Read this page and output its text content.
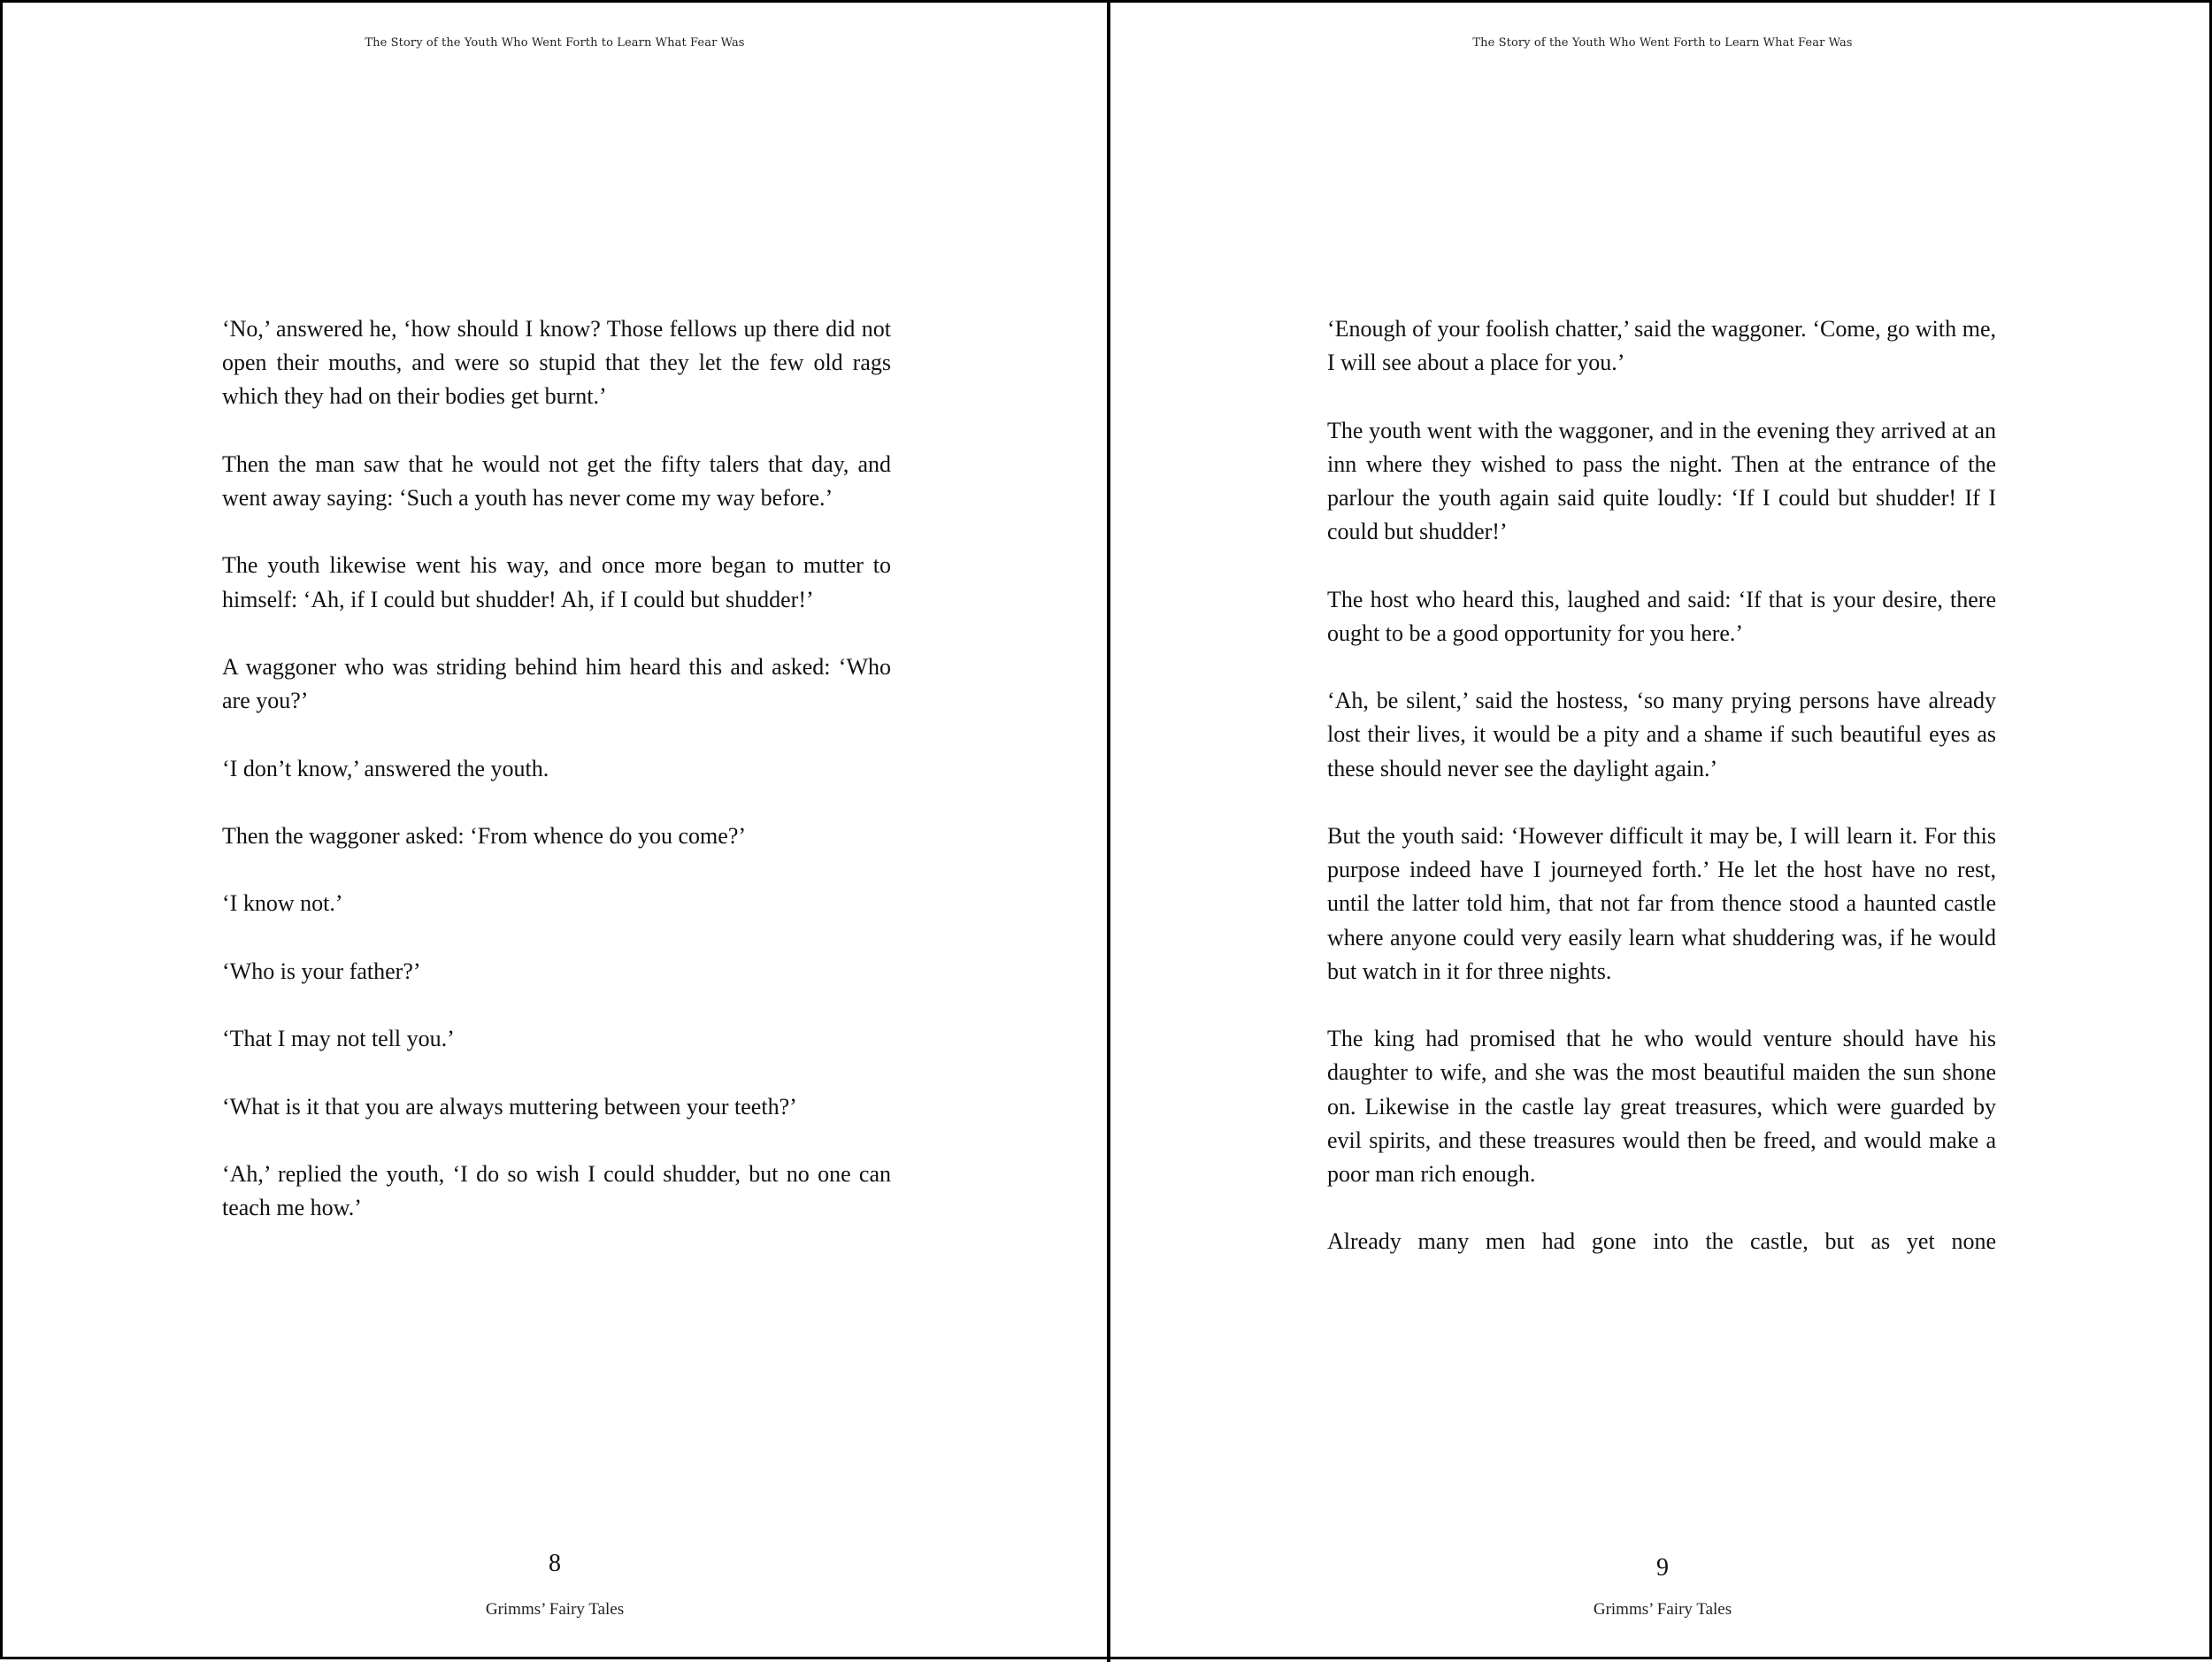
The Story of the Youth Who Went Forth to Learn What Fear Was

‘No,’ answered he, ‘how should I know? Those fellows up there did not open their mouths, and were so stupid that they let the few old rags which they had on their bodies get burnt.’

Then the man saw that he would not get the fifty talers that day, and went away saying: ‘Such a youth has never come my way before.’

The youth likewise went his way, and once more began to mutter to himself: ‘Ah, if I could but shudder! Ah, if I could but shudder!’

A waggoner who was striding behind him heard this and asked: ‘Who are you?’

‘I don’t know,’ answered the youth.

Then the waggoner asked: ‘From whence do you come?’

‘I know not.’

‘Who is your father?’

‘That I may not tell you.’

‘What is it that you are always muttering between your teeth?’

‘Ah,’ replied the youth, ‘I do so wish I could shudder, but no one can teach me how.’

8
Grimms’ Fairy Tales
The Story of the Youth Who Went Forth to Learn What Fear Was

‘Enough of your foolish chatter,’ said the waggoner. ‘Come, go with me, I will see about a place for you.’

The youth went with the waggoner, and in the evening they arrived at an inn where they wished to pass the night. Then at the entrance of the parlour the youth again said quite loudly: ‘If I could but shudder! If I could but shudder!’

The host who heard this, laughed and said: ‘If that is your desire, there ought to be a good opportunity for you here.’

‘Ah, be silent,’ said the hostess, ‘so many prying persons have already lost their lives, it would be a pity and a shame if such beautiful eyes as these should never see the daylight again.’

But the youth said: ‘However difficult it may be, I will learn it. For this purpose indeed have I journeyed forth.’ He let the host have no rest, until the latter told him, that not far from thence stood a haunted castle where anyone could very easily learn what shuddering was, if he would but watch in it for three nights.

The king had promised that he who would venture should have his daughter to wife, and she was the most beautiful maiden the sun shone on. Likewise in the castle lay great treasures, which were guarded by evil spirits, and these treasures would then be freed, and would make a poor man rich enough.

Already many men had gone into the castle, but as yet none

9
Grimms’ Fairy Tales
